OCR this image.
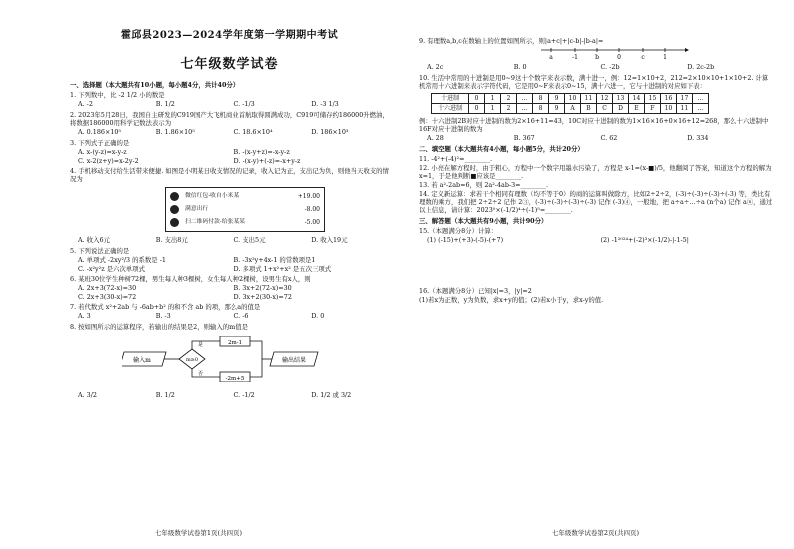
霍邱县2023—2024学年度第一学期期中考试
七年级数学试卷
一、选择题（本大题共有10小题，每小题4分，共计40分）
1. 下列数中，比 -2 1/2 小的数是
A. -2	B. 1/2	C. -1/3	D. -3 1/3
2. 2023年5月28日，我国自主研发的C919国产大飞机商业首航取得圆满成功，C919可储存约186000升燃油，将数据186000用科学记数法表示为
A. 0.186×10⁵	B. 1.86×10⁵	C. 18.6×10⁴	D. 186×10³
3. 下列式子正确的是
A. x-(y-z)=x-y-z	B. -(x-y+z)=-x-y-z
C. x-2(z+y)=x-2y-2	D. -(x-y)+(-z)=-x+y-z
4. 手机移动支付给生活带来便捷. 如图是小明某日收支情况的记录，收入记为正，支出记为负，则他当天收支的情况为
微信红包-收自小米某	+19.00
满意出行	-8.00
扫二维码付款-给张某某	-5.00
A. 收入6元	B. 支出8元	C. 支出5元	D. 收入19元
5. 下列说法正确的是
A. 单项式 -2xy²/3 的系数是 -1	B. -3x²y+4x-1 的常数项是1
C. -x²y²z 是六次单项式	D. 多项式 1+x²+x² 是五次三项式
6. 某班30位学生种树72棵，男生每人种3棵树，女生每人种2棵树，设男生有x人，则
A. 2x+3(72-x)=30	B. 3x+2(72-x)=30
C. 2x+3(30-x)=72	D. 3x+2(30-x)=72
7. 若代数式 x²+2ab 与 -6ab+b² 的和不含 ab 的项，那么a的值是
A. 3	B. -3	C. -6	D. 0
8. 按如图所示的运算程序，若输出的结果是2，则输入的m值是
输入m	m≥0
是
否
2m-1
-2m+5
输出结果
A. 3/2	B. 1/2	C. -1/2	D. 1/2 或 3/2
七年级数学试卷第1页(共四页)
9. 有理数a,b,c在数轴上的位置如图所示，则|a+c|+|c-b|-|b-a|=
a	-1	b	0	c	1
A. 2c	B. 0	C. -2b	D. 2c-2b
10. 生活中常用的十进制是用0~9这十个数字来表示数，满十进一，例：12=1×10+2，212=2×10×10+1×10+2. 计算机常用十六进制来表示字符代码，它是用0~F来表示0~15，满十六进一，它与十进制的对应如下表：
十进制	0	1	2	…	8	9	10	11	12	13	14	15	16	17	…
十六进制	0	1	2	…	8	9	A	B	C	D	E	F	10	11	…
例：十六进制2B对应十进制的数为2×16+11=43，10C对应十进制的数为1×16×16+0×16+12=268，那么十六进制中16F对应十进制的数为
A. 28	B. 367	C. 62	D. 334
二、填空题（本大题共有4小题，每小题5分，共计20分）
11. -4²+(-4)²=________.
12. 小亮在解方程时，由于粗心，方程中一个数字用墨水污染了，方程是 x-1=(x-■)/5，他翻阅了答案，知道这个方程的解为 x=1，于是他判断■应该是________.
13. 若 a²-2ab=6，则 2a²-4ab-3=________.
14. 定义新运算：求若干个相同有理数（均不等于0）的商的运算叫做除方，比如2÷2÷2，(-3)÷(-3)÷(-3)÷(-3) 等，类比有理数的乘方，我们把 2÷2÷2 记作 2③，(-3)÷(-3)÷(-3)÷(-3) 记作 (-3)④，一般地，把 a÷a÷…÷a (n个a) 记作 aⓝ，通过以上信息，请计算：2023⁰×(-1/2)⁴÷(-1)⁵=________.
三、解答题（本大题共有9小题，共计90分）
15.（本题满分8分）计算：
(1) (-15)+(+3)-(-5)-(+7)	(2) -1²⁰²⁴+(-2)³×(-1/2)-|-1-5|
16.（本题满分8分）已知|x|=3，|y|=2
(1)若x为正数，y为负数，求x+y的值；(2)若x小于y，求x-y的值.
七年级数学试卷第2页(共四页)
